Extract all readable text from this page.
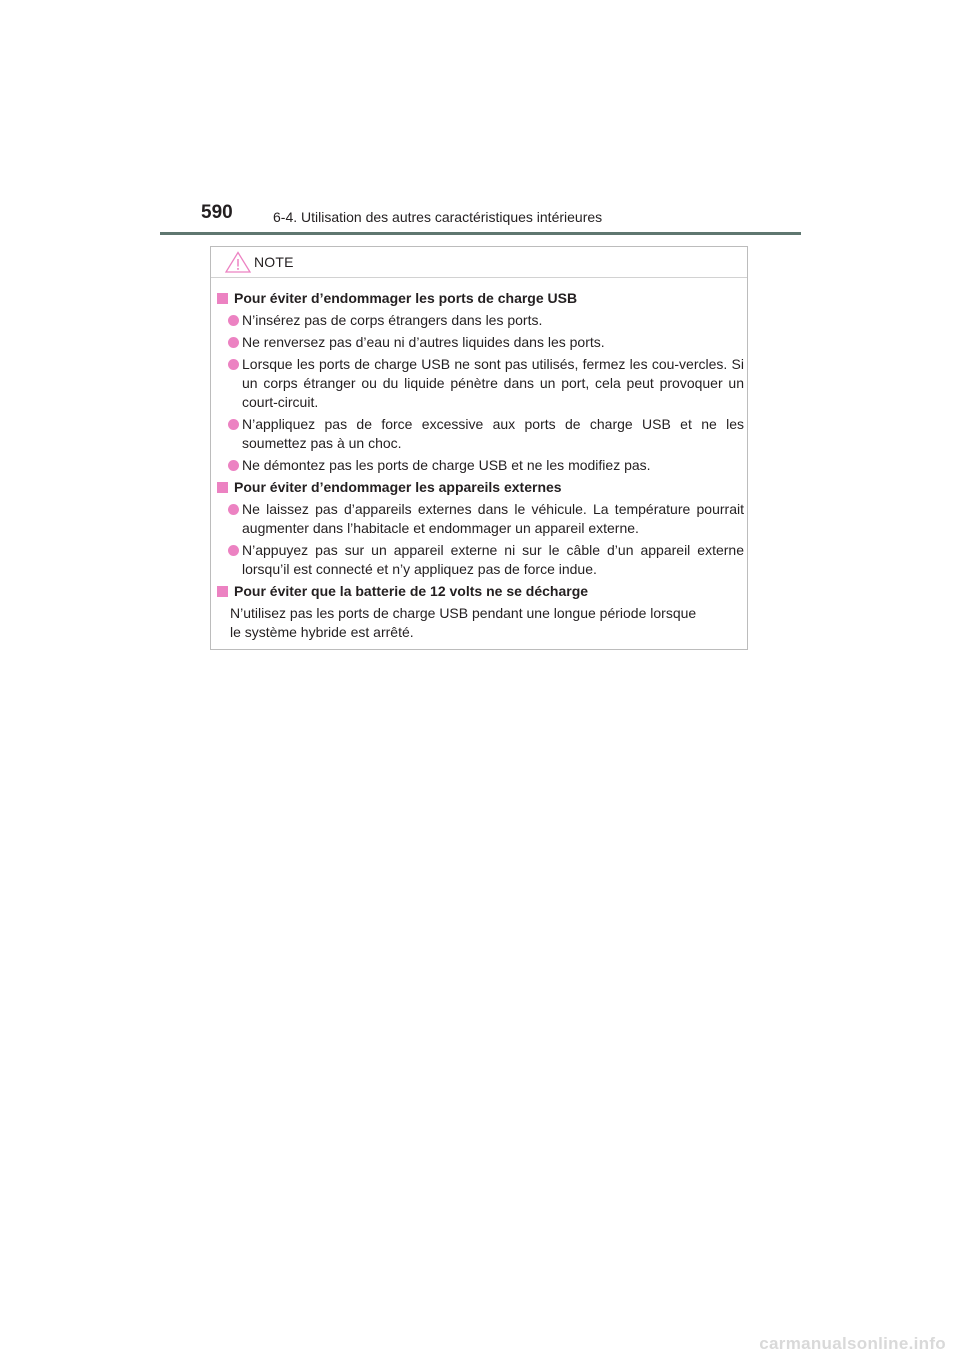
590	6-4. Utilisation des autres caractéristiques intérieures
NOTE
Pour éviter d’endommager les ports de charge USB
N’insérez pas de corps étrangers dans les ports.
Ne renversez pas d’eau ni d’autres liquides dans les ports.
Lorsque les ports de charge USB ne sont pas utilisés, fermez les cou-vercles. Si un corps étranger ou du liquide pénètre dans un port, cela peut provoquer un court-circuit.
N’appliquez pas de force excessive aux ports de charge USB et ne les soumettez pas à un choc.
Ne démontez pas les ports de charge USB et ne les modifiez pas.
Pour éviter d’endommager les appareils externes
Ne laissez pas d’appareils externes dans le véhicule. La température pourrait augmenter dans l’habitacle et endommager un appareil externe.
N’appuyez pas sur un appareil externe ni sur le câble d’un appareil externe lorsqu’il est connecté et n’y appliquez pas de force indue.
Pour éviter que la batterie de 12 volts ne se décharge
N’utilisez pas les ports de charge USB pendant une longue période lorsque
le système hybride est arrêté.
carmanualsonline.info
